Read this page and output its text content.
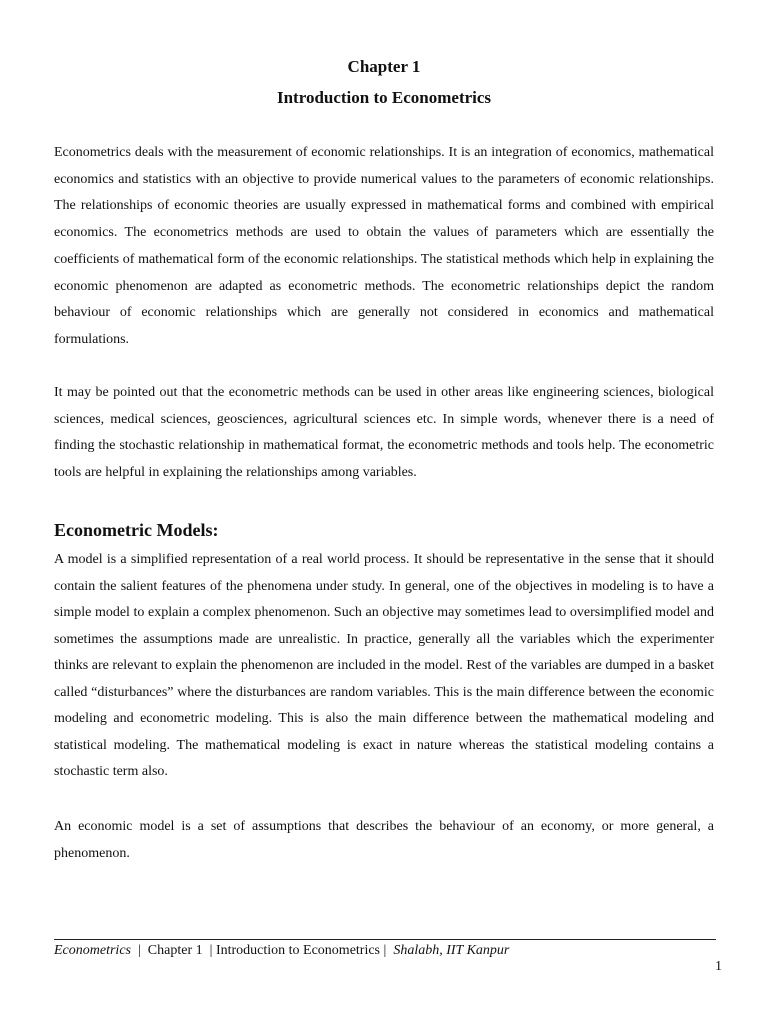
Chapter 1
Introduction to Econometrics

Econometrics deals with the measurement of economic relationships. It is an integration of economics, mathematical economics and statistics with an objective to provide numerical values to the parameters of economic relationships. The relationships of economic theories are usually expressed in mathematical forms and combined with empirical economics. The econometrics methods are used to obtain the values of parameters which are essentially the coefficients of mathematical form of the economic relationships. The statistical methods which help in explaining the economic phenomenon are adapted as econometric methods. The econometric relationships depict the random behaviour of economic relationships which are generally not considered in economics and mathematical formulations.

It may be pointed out that the econometric methods can be used in other areas like engineering sciences, biological sciences, medical sciences, geosciences, agricultural sciences etc. In simple words, whenever there is a need of finding the stochastic relationship in mathematical format, the econometric methods and tools help. The econometric tools are helpful in explaining the relationships among variables.

Econometric Models:

A model is a simplified representation of a real world process. It should be representative in the sense that it should contain the salient features of the phenomena under study. In general, one of the objectives in modeling is to have a simple model to explain a complex phenomenon. Such an objective may sometimes lead to oversimplified model and sometimes the assumptions made are unrealistic. In practice, generally all the variables which the experimenter thinks are relevant to explain the phenomenon are included in the model. Rest of the variables are dumped in a basket called “disturbances” where the disturbances are random variables. This is the main difference between the economic modeling and econometric modeling. This is also the main difference between the mathematical modeling and statistical modeling. The mathematical modeling is exact in nature whereas the statistical modeling contains a stochastic term also.

An economic model is a set of assumptions that describes the behaviour of an economy, or more general, a phenomenon.

Econometrics  |  Chapter 1  | Introduction to Econometrics |  Shalabh, IIT Kanpur
1
